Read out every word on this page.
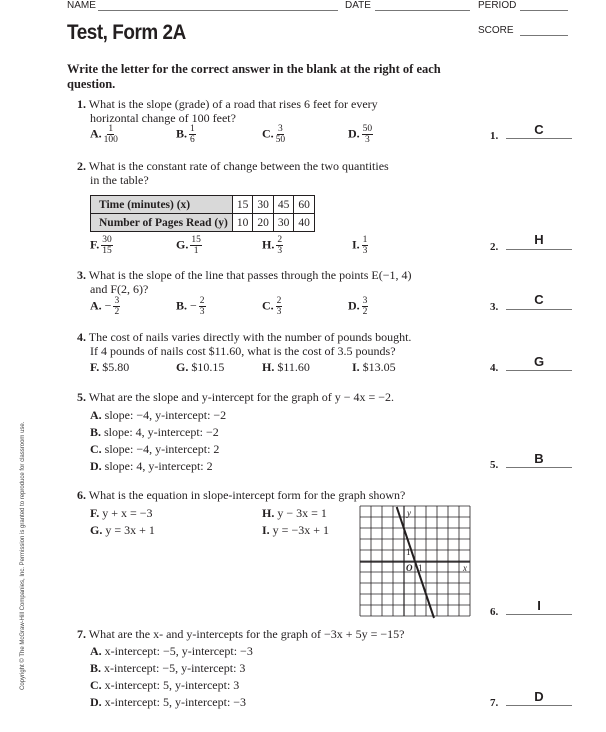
NAME	DATE	PERIOD
Test, Form 2A	SCORE
Write the letter for the correct answer in the blank at the right of each question.
Copyright © The McGraw-Hill Companies, Inc. Permission is granted to reproduce for classroom use.
1. What is the slope (grade) of a road that rises 6 feet for every
horizontal change of 100 feet?
A. $\frac{1}{100}$	B. $\frac{1}{6}$	C. $\frac{3}{50}$	D. $\frac{50}{3}$	1.	C
2. What is the constant rate of change between the two quantities
in the table?
Time (minutes) (x)	15	30	45	60
Number of Pages Read (y)	10	20	30	40
F. $\frac{30}{15}$	G. $\frac{15}{1}$	H. $\frac{2}{3}$	I. $\frac{1}{3}$	2.	H
3. What is the slope of the line that passes through the points E(−1, 4)
and F(2, 6)?
A. − $\frac{3}{2}$	B. − $\frac{2}{3}$	C. $\frac{2}{3}$	D. $\frac{3}{2}$	3.	C
4. The cost of nails varies directly with the number of pounds bought.
If 4 pounds of nails cost $11.60, what is the cost of 3.5 pounds?
F. $5.80	G. $10.15	H. $11.60	I. $13.05	4.	G
5. What are the slope and y-intercept for the graph of y − 4x = −2.
A. slope: −4, y-intercept: −2
B. slope: 4, y-intercept: −2
C. slope: −4, y-intercept: 2
D. slope: 4, y-intercept: 2	5.	B
6. What is the equation in slope-intercept form for the graph shown?
F. y + x = −3
G. y = 3x + 1
H. y − 3x = 1
I. y = −3x + 1
y
x
O 1
1
6.	I
7. What are the x- and y-intercepts for the graph of −3x + 5y = −15?
A. x-intercept: −5, y-intercept: −3
B. x-intercept: −5, y-intercept: 3
C. x-intercept: 5, y-intercept: 3
D. x-intercept: 5, y-intercept: −3	7.	D
